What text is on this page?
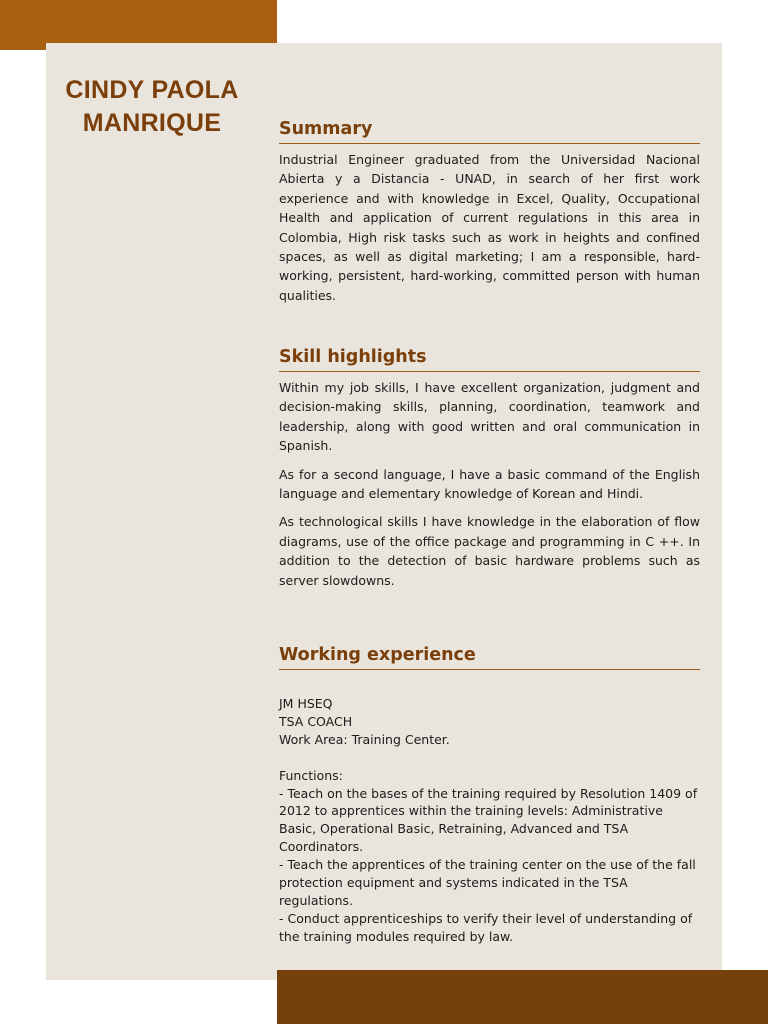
CINDY PAOLA
MANRIQUE	Summary

Industrial Engineer graduated from the Universidad Nacional Abierta y a Distancia - UNAD, in search of her first work experience and with knowledge in Excel, Quality, Occupational Health and application of current regulations in this area in Colombia, High risk tasks such as work in heights and confined spaces, as well as digital marketing; I am a responsible, hard-working, persistent, hard-working, committed person with human qualities.

Skill highlights

Within my job skills, I have excellent organization, judgment and decision-making skills, planning, coordination, teamwork and leadership, along with good written and oral communication in Spanish.

As for a second language, I have a basic command of the English language and elementary knowledge of Korean and Hindi.

As technological skills I have knowledge in the elaboration of flow diagrams, use of the office package and programming in C ++. In addition to the detection of basic hardware problems such as server slowdowns.

Working experience
JM HSEQ
TSA COACH
Work Area: Training Center.
Functions:
- Teach on the bases of the training required by Resolution 1409 of 2012 to apprentices within the training levels: Administrative Basic, Operational Basic, Retraining, Advanced and TSA Coordinators.
- Teach the apprentices of the training center on the use of the fall protection equipment and systems indicated in the TSA regulations.
- Conduct apprenticeships to verify their level of understanding of the training modules required by law.
